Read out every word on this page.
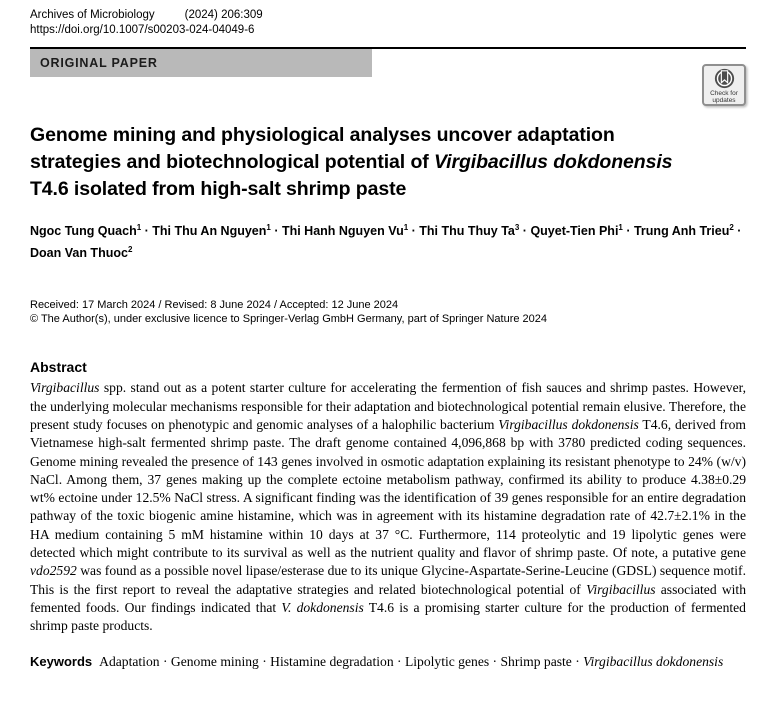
Archives of Microbiology	(2024) 206:309
https://doi.org/10.1007/s00203-024-04049-6
ORIGINAL PAPER
Genome mining and physiological analyses uncover adaptation
strategies and biotechnological potential of Virgibacillus dokdonensis
T4.6 isolated from high-salt shrimp paste

Ngoc Tung Quach$^1$ · Thi Thu An Nguyen$^1$ · Thi Hanh Nguyen $Vu^1$ · Thi Thu Thuy $Ta^3$ · Quyet-Tien Phi$^1$ · Trung Anh Trieu$^2$ · Doan Van Thuoc$^2$

Received: 17 March 2024 / Revised: 8 June 2024 / Accepted: 12 June 2024

© The Author(s), under exclusive licence to Springer-Verlag GmbH Germany, part of Springer Nature 2024

Abstract

Virgibacillus spp. stand out as a potent starter culture for accelerating the fermention of fish sauces and shrimp pastes. However, the underlying molecular mechanisms responsible for their adaptation and biotechnological potential remain elusive. Therefore, the present study focuses on phenotypic and genomic analyses of a halophilic bacterium Virgibacillus dokdonensis T4.6, derived from Vietnamese high-salt fermented shrimp paste. The draft genome contained 4,096,868 bp with 3780 predicted coding sequences. Genome mining revealed the presence of 143 genes involved in osmotic adaptation explaining its resistant phenotype to 24% (w/v) NaCl. Among them, 37 genes making up the complete ectoine metabolism pathway, confirmed its ability to produce 4.38±0.29 wt% ectoine under 12.5% NaCl stress. A significant finding was the identification of 39 genes responsible for an entire degradation pathway of the toxic biogenic amine histamine, which was in agreement with its histamine degradation rate of 42.7±2.1% in the HA medium containing 5 mM histamine within 10 days at 37 °C. Furthermore, 114 proteolytic and 19 lipolytic genes were detected which might contribute to its survival as well as the nutrient quality and flavor of shrimp paste. Of note, a putative gene vdo2592 was found as a possible novel lipase/esterase due to its unique Glycine-Aspartate-Serine-Leucine (GDSL) sequence motif. This is the first report to reveal the adaptative strategies and related biotechnological potential of Virgibacillus associated with femented foods. Our findings indicated that V. dokdonensis T4.6 is a promising starter culture for the production of fermented shrimp paste products.

Keywords Adaptation · Genome mining · Histamine degradation · Lipolytic genes · Shrimp paste · Virgibacillus dokdonensis

Check for
updates
